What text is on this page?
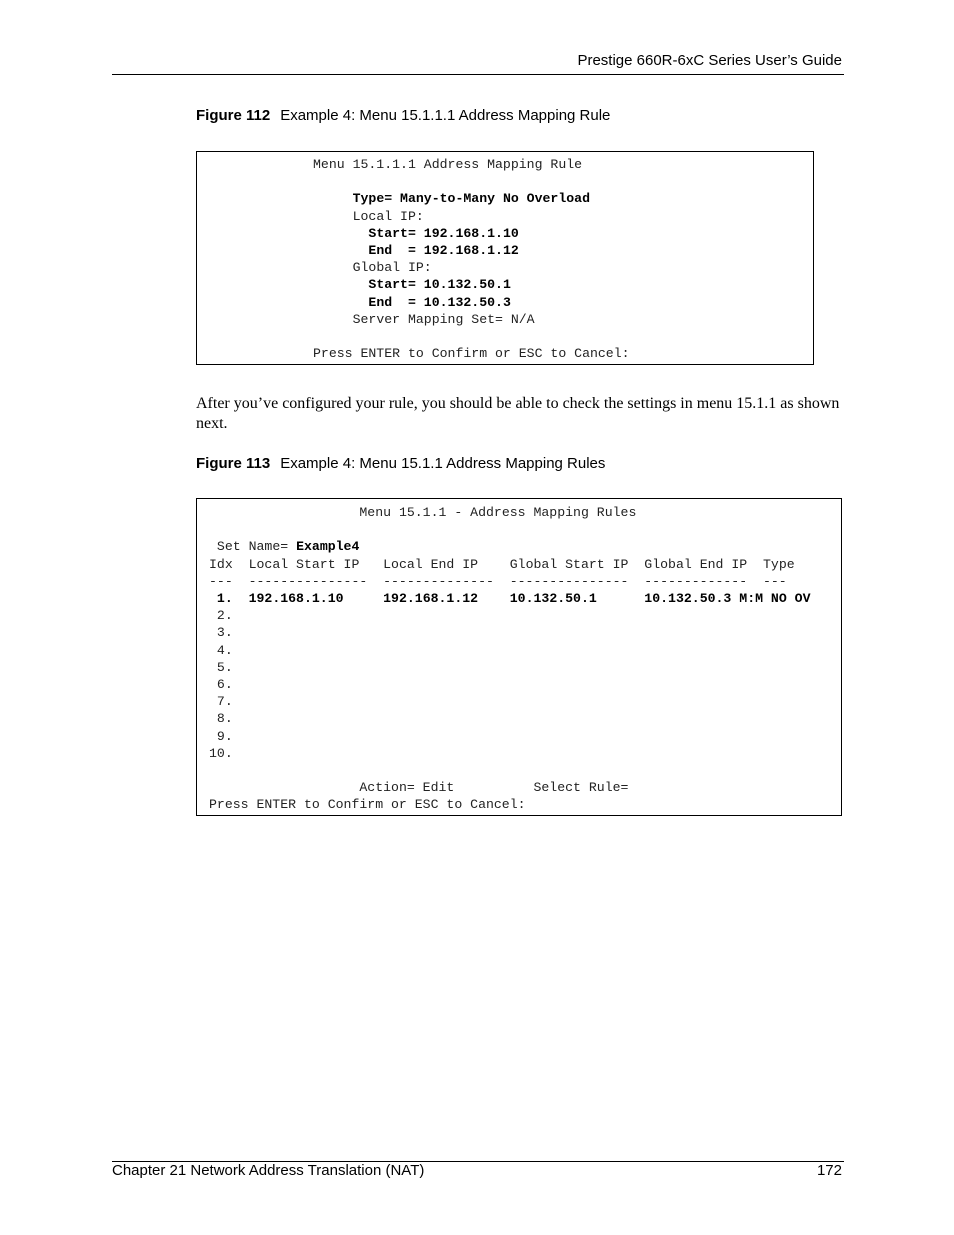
Prestige 660R-6xC Series User’s Guide
Figure 112 Example 4: Menu 15.1.1.1 Address Mapping Rule
Menu 15.1.1.1 Address Mapping Rule

Type= Many-to-Many No Overload
Local IP:
Start= 192.168.1.10
End  = 192.168.1.12
Global IP:
Start= 10.132.50.1
End  = 10.132.50.3
Server Mapping Set= N/A

Press ENTER to Confirm or ESC to Cancel:
After you’ve configured your rule, you should be able to check the settings in menu 15.1.1 as shown next.
Figure 113 Example 4: Menu 15.1.1 Address Mapping Rules
Menu 15.1.1 - Address Mapping Rules

Set Name= Example4
Idx Local Start IP Local End IP Global Start IP Global End IP Type
---  ---------------  --------------  ---------------  -------------  ---
1. 192.168.1.10	192.168.1.12 10.132.50.1	10.132.50.3 M:M NO OV
2.
3.
4.
5.
6.
7.
8.
9.
10.

Action= Edit	Select Rule=
Press ENTER to Confirm or ESC to Cancel:
Chapter 21 Network Address Translation (NAT)	172
